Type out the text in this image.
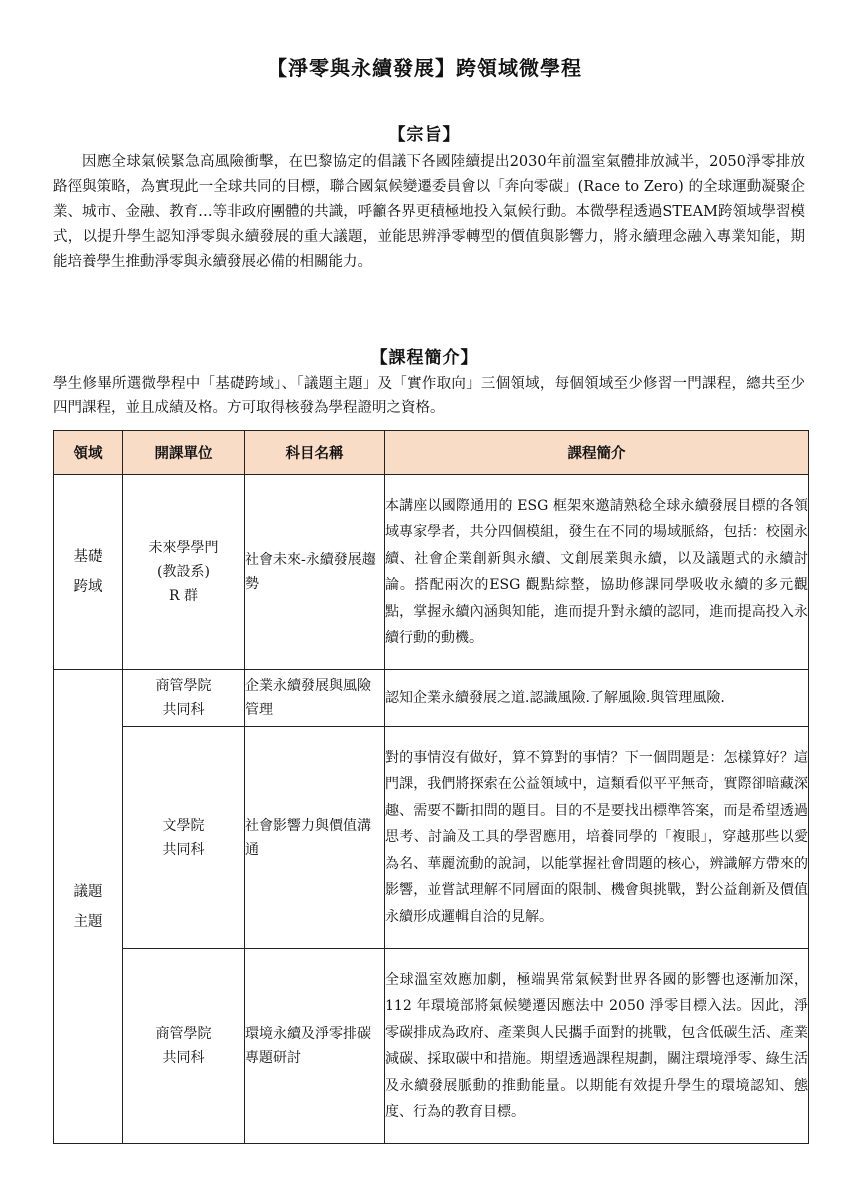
【淨零與永續發展】跨領域微學程
【宗旨】

因應全球氣候緊急高風險衝擊，在巴黎協定的倡議下各國陸續提出2030年前溫室氣體排放減半，2050淨零排放路徑與策略，為實現此一全球共同的目標，聯合國氣候變遷委員會以「奔向零碳」(Race to Zero) 的全球運動凝聚企業、城市、金融、教育…等非政府團體的共識，呼籲各界更積極地投入氣候行動。本微學程透過STEAM跨領域學習模式，以提升學生認知淨零與永續發展的重大議題，並能思辨淨零轉型的價值與影響力，將永續理念融入專業知能，期能培養學生推動淨零與永續發展必備的相關能力。

【課程簡介】

學生修畢所選微學程中「基礎跨域」、「議題主題」及「實作取向」三個領域，每個領域至少修習一門課程，總共至少四門課程，並且成績及格。方可取得核發為學程證明之資格。

領域	開課單位	科目名稱	課程簡介

基礎
跨域	未來學學門
(教設系)
R 群	社會未來-永續發展趨勢	本講座以國際通用的 ESG 框架來邀請熟稔全球永續發展目標的各領域專家學者，共分四個模組，發生在不同的場域脈絡，包括：校園永續、社會企業創新與永續、文創展業與永續，以及議題式的永續討論。搭配兩次的ESG 觀點綜整，協助修課同學吸收永續的多元觀點，掌握永續內涵與知能，進而提升對永續的認同，進而提高投入永續行動的動機。

議題
主題	商管學院
共同科	企業永續發展與風險管理	認知企業永續發展之道.認識風險.了解風險.與管理風險.

	文學院
共同科	社會影響力與價值溝通	對的事情沒有做好，算不算對的事情？下一個問題是：怎樣算好？這門課，我們將探索在公益領域中，這類看似平平無奇，實際卻暗藏深趣、需要不斷扣問的題目。目的不是要找出標準答案，而是希望透過思考、討論及工具的學習應用，培養同學的「複眼」，穿越那些以愛為名、華麗流動的說詞，以能掌握社會問題的核心，辨識解方帶來的影響，並嘗試理解不同層面的限制、機會與挑戰，對公益創新及價值永續形成邏輯自洽的見解。

	商管學院
共同科	環境永續及淨零排碳專題研討	全球溫室效應加劇，極端異常氣候對世界各國的影響也逐漸加深，112 年環境部將氣候變遷因應法中 2050 淨零目標入法。因此，淨零碳排成為政府、產業與人民攜手面對的挑戰，包含低碳生活、產業減碳、採取碳中和措施。期望透過課程規劃，關注環境淨零、綠生活及永續發展脈動的推動能量。以期能有效提升學生的環境認知、態度、行為的教育目標。
